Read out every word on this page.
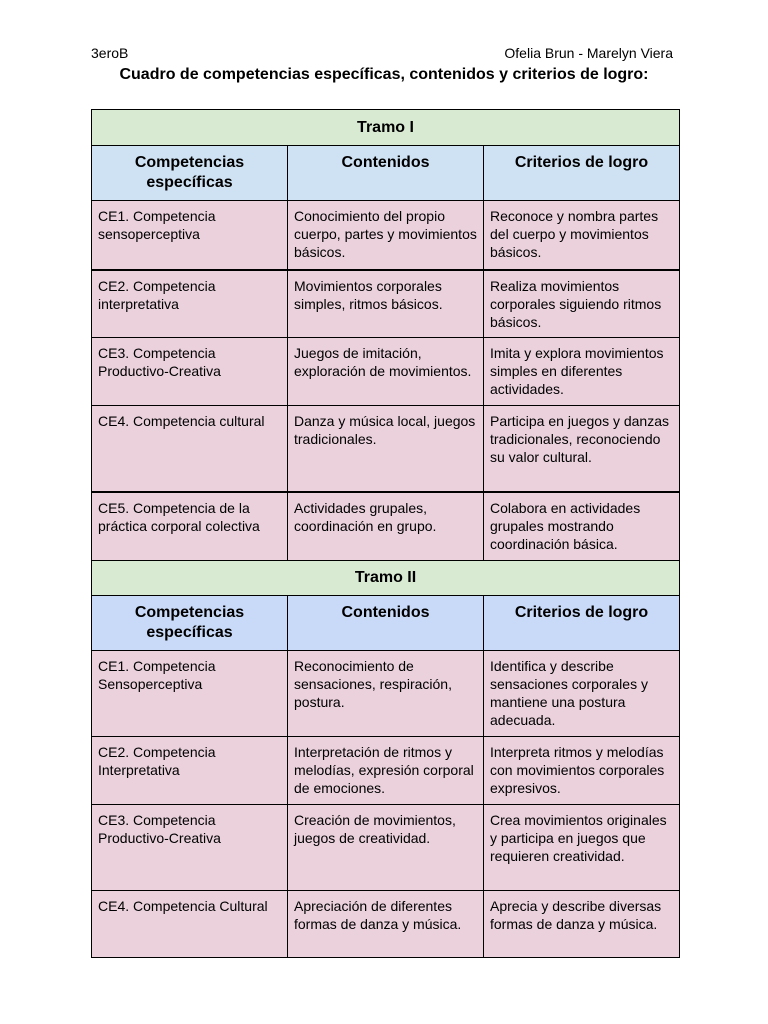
3eroB	Ofelia Brun - Marelyn Viera
Cuadro de competencias específicas, contenidos y criterios de logro:
Tramo I		
Competencias específicas	Contenidos	Criterios de logro
CE1. Competencia sensoperceptiva	Conocimiento del propio cuerpo, partes y movimientos básicos.	Reconoce y nombra partes del cuerpo y movimientos básicos.
CE2. Competencia interpretativa	Movimientos corporales simples, ritmos básicos.	Realiza movimientos corporales siguiendo ritmos básicos.
CE3. Competencia Productivo-Creativa	Juegos de imitación, exploración de movimientos.	Imita y explora movimientos simples en diferentes actividades.
CE4. Competencia cultural	Danza y música local, juegos tradicionales.	Participa en juegos y danzas tradicionales, reconociendo su valor cultural.
CE5. Competencia de la práctica corporal colectiva	Actividades grupales, coordinación en grupo.	Colabora en actividades grupales mostrando coordinación básica.
Tramo II		
Competencias específicas	Contenidos	Criterios de logro
CE1. Competencia Sensoperceptiva	Reconocimiento de sensaciones, respiración, postura.	Identifica y describe sensaciones corporales y mantiene una postura adecuada.
CE2. Competencia Interpretativa	Interpretación de ritmos y melodías, expresión corporal de emociones.	Interpreta ritmos y melodías con movimientos corporales expresivos.
CE3. Competencia Productivo-Creativa	Creación de movimientos, juegos de creatividad.	Crea movimientos originales y participa en juegos que requieren creatividad.
CE4. Competencia Cultural	Apreciación de diferentes formas de danza y música.	Aprecia y describe diversas formas de danza y música.
